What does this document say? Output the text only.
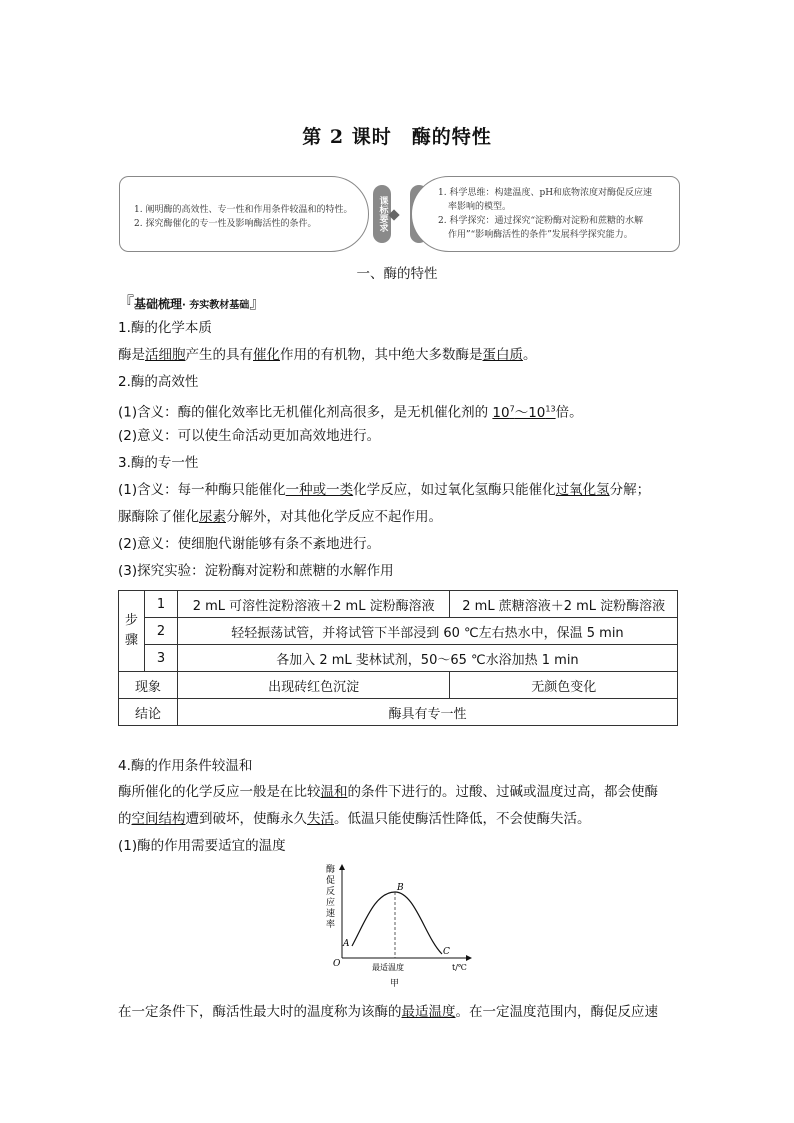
第 2 课时　酶的特性
1. 阐明酶的高效性、专一性和作用条件较温和的特性。
2. 探究酶催化的专一性及影响酶活性的条件。	课标要求
1. 科学思维：构建温度、pH和底物浓度对酶促反应速
率影响的模型。
2. 科学探究：通过探究“淀粉酶对淀粉和蔗糖的水解
作用”“影响酶活性的条件”发展科学探究能力。
一、酶的特性
『基础梳理· 夯实教材基础』
1.酶的化学本质
酶是活细胞产生的具有催化作用的有机物，其中绝大多数酶是蛋白质。
2.酶的高效性
(1)含义：酶的催化效率比无机催化剂高很多，是无机催化剂的 $10^7\sim 10^{13}$倍。
(2)意义：可以使生命活动更加高效地进行。
3.酶的专一性
(1)含义：每一种酶只能催化一种或一类化学反应，如过氧化氢酶只能催化过氧化氢分解；
脲酶除了催化尿素分解外，对其他化学反应不起作用。
(2)意义：使细胞代谢能够有条不紊地进行。
(3)探究实验：淀粉酶对淀粉和蔗糖的水解作用
步骤	1	2 mL 可溶性淀粉溶液＋2 mL 淀粉酶溶液	2 mL 蔗糖溶液＋2 mL 淀粉酶溶液
	2	轻轻振荡试管，并将试管下半部浸到 60 ℃左右热水中，保温 5 min	
	3	各加入 2 mL 斐林试剂，50～65 ℃水浴加热 1 min	
现象		出现砖红色沉淀	无颜色变化
结论		酶具有专一性	
4.酶的作用条件较温和
酶所催化的化学反应一般是在比较温和的条件下进行的。过酸、过碱或温度过高，都会使酶
的空间结构遭到破坏，使酶永久失活。低温只能使酶活性降低，不会使酶失活。
(1)酶的作用需要适宜的温度
酶促反应速率
A
B
C
O	最适温度	t/℃
甲
在一定条件下，酶活性最大时的温度称为该酶的最适温度。在一定温度范围内，酶促反应速
